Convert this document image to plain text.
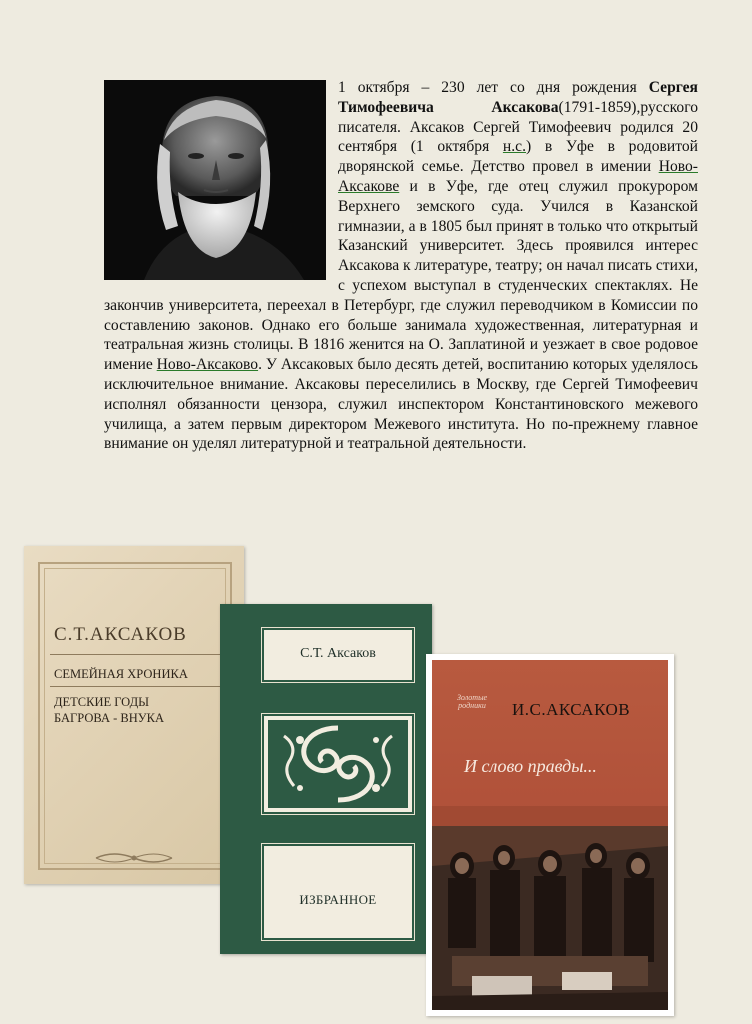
1 октября – 230 лет со дня рождения Сергея Тимофеевича Аксакова(1791-1859),русского писателя. Аксаков Сергей Тимофеевич родился 20 сентября (1 октября н.с.) в Уфе в родовитой дворянской семье. Детство провел в имении Ново-Аксакове и в Уфе, где отец служил прокурором Верхнего земского суда. Учился в Казанской гимназии, а в 1805 был принят в только что открытый Казанский университет. Здесь проявился интерес Аксакова к литературе, театру; он начал писать стихи, с успехом выступал в студенческих спектаклях. Не закончив университета, переехал в Петербург, где служил переводчиком в Комиссии по составлению законов. Однако его больше занимала художественная, литературная и театральная жизнь столицы. В 1816 женится на О. Заплатиной и уезжает в свое родовое имение Ново-Аксаково. У Аксаковых было десять детей, воспитанию которых уделялось исключительное внимание. Аксаковы переселились в Москву, где Сергей Тимофеевич исполнял обязанности цензора, служил инспектором Константиновского межевого училища, а затем первым директором Межевого института. Но по-прежнему главное внимание он уделял литературной и театральной деятельности.
С.Т.АКСАКОВ
СЕМЕЙНАЯ ХРОНИКА
ДЕТСКИЕ ГОДЫ
БАГРОВА - ВНУКА
С.Т. Аксаков
ИЗБРАННОЕ
Золотые родники	И.С.АКСАКОВ
И слово правды...
